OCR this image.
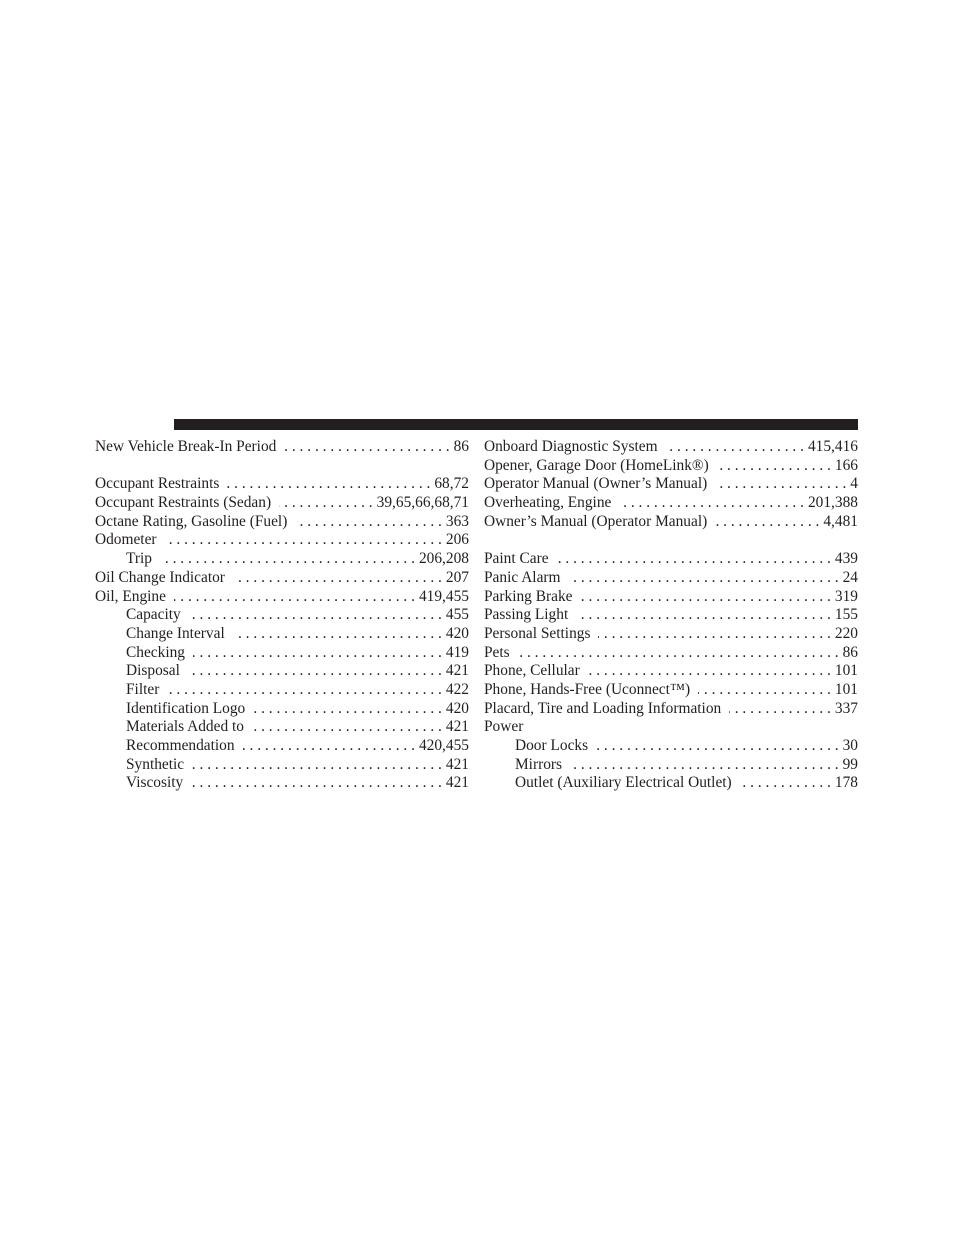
New Vehicle Break-In Period . . .	86
Occupant Restraints . . .	68,72
Occupant Restraints (Sedan) . . .	39,65,66,68,71
Octane Rating, Gasoline (Fuel) . . .	363
Odometer . . .	206
Trip . . .	206,208
Oil Change Indicator . . .	207
Oil, Engine . . .	419,455
Capacity . . .	455
Change Interval . . .	420
Checking . . .	419
Disposal . . .	421
Filter . . .	422
Identification Logo . . .	420
Materials Added to . . .	421
Recommendation . . .	420,455
Synthetic . . .	421
Viscosity . . .	421
Onboard Diagnostic System . . .	415,416
Opener, Garage Door (HomeLink®) . . .	166
Operator Manual (Owner’s Manual) . . .	4
Overheating, Engine . . .	201,388
Owner’s Manual (Operator Manual) . . .	4,481
Paint Care . . .	439
Panic Alarm . . .	24
Parking Brake . . .	319
Passing Light . . .	155
Personal Settings . . .	220
Pets . . .	86
Phone, Cellular . . .	101
Phone, Hands-Free (Uconnect™) . . .	101
Placard, Tire and Loading Information . . .	337
Power
Door Locks . . .	30
Mirrors . . .	99
Outlet (Auxiliary Electrical Outlet) . . .	178
